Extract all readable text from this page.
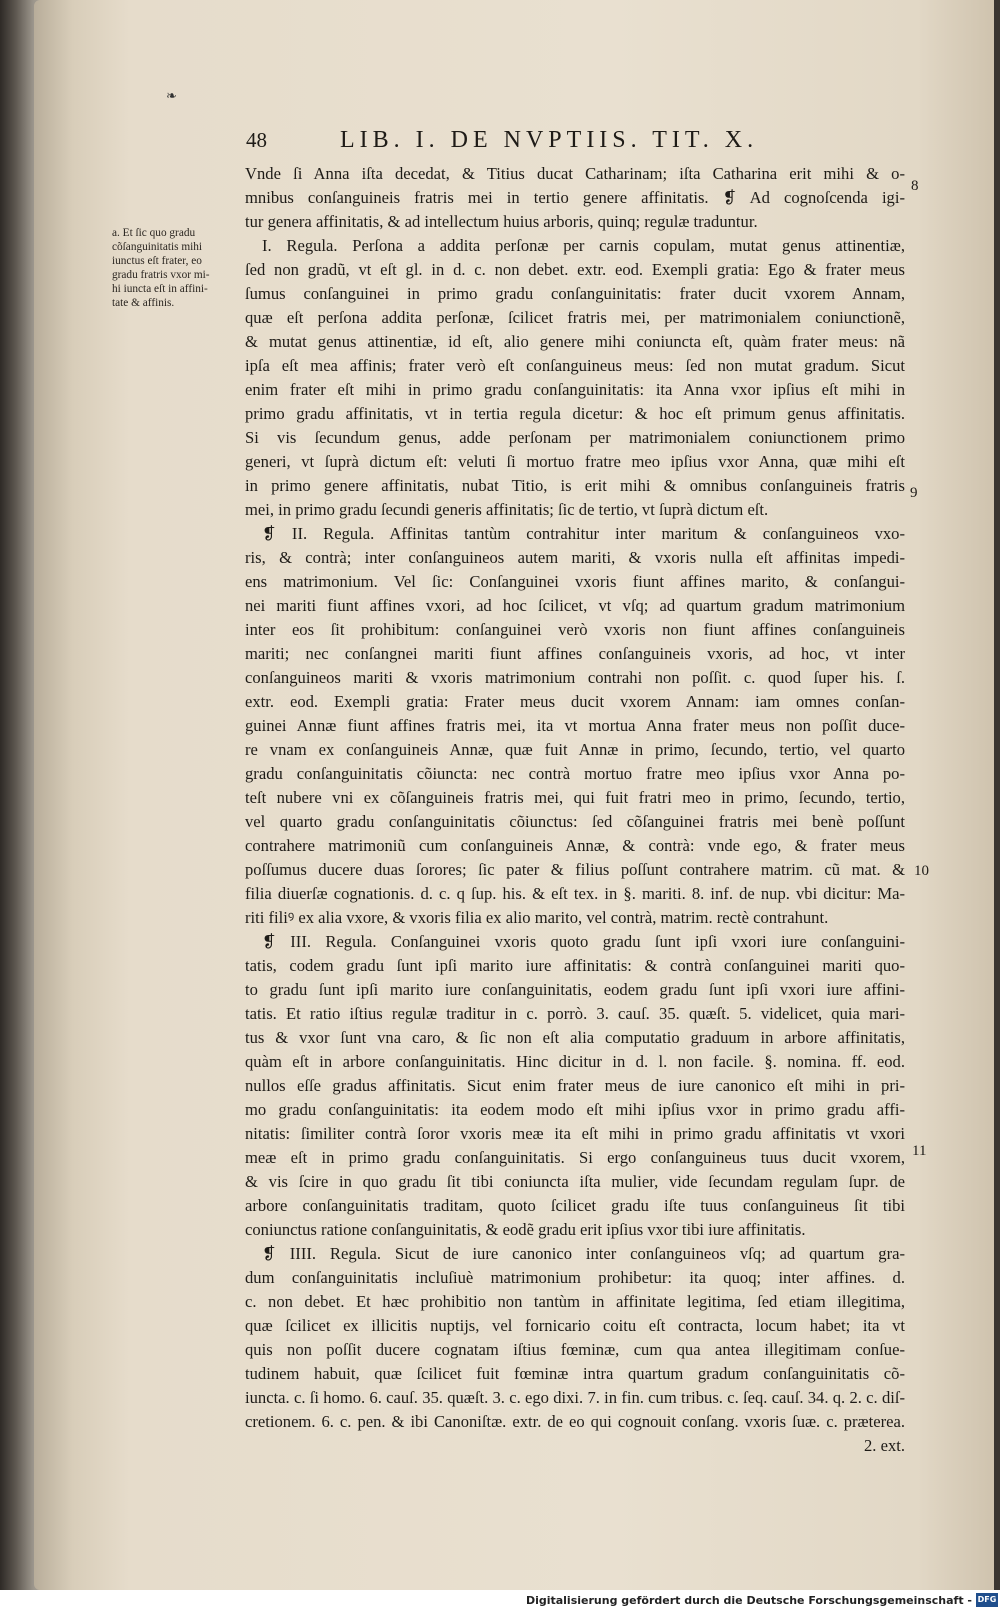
❧
48	LIB. I. DE NVPTIIS. TIT. X.
a. Et ſic quo gradu
cõſanguinitatis mihi
iunctus eſt frater, eo
gradu fratris vxor mi-
hi iuncta eſt in affini-
tate & affinis.
8
9
10
11
Vnde ſi Anna iſta decedat, & Titius ducat Catharinam; iſta Catharina erit mihi & o-
mnibus conſanguineis fratris mei in tertio genere affinitatis. ❡ Ad cognoſcenda igi-
tur genera affinitatis, & ad intellectum huius arboris, quinq; regulæ traduntur.
I. Regula. Perſona a addita perſonæ per carnis copulam, mutat genus attinentiæ,
ſed non gradũ, vt eſt gl. in d. c. non debet. extr. eod. Exempli gratia: Ego & frater meus
ſumus conſanguinei in primo gradu conſanguinitatis: frater ducit vxorem Annam,
quæ eſt perſona addita perſonæ, ſcilicet fratris mei, per matrimonialem coniunctionẽ,
& mutat genus attinentiæ, id eſt, alio genere mihi coniuncta eſt, quàm frater meus: nã
ipſa eſt mea affinis; frater verò eſt conſanguineus meus: ſed non mutat gradum. Sicut
enim frater eſt mihi in primo gradu conſanguinitatis: ita Anna vxor ipſius eſt mihi in
primo gradu affinitatis, vt in tertia regula dicetur: & hoc eſt primum genus affinitatis.
Si vis ſecundum genus, adde perſonam per matrimonialem coniunctionem primo
generi, vt ſuprà dictum eſt: veluti ſi mortuo fratre meo ipſius vxor Anna, quæ mihi eſt
in primo genere affinitatis, nubat Titio, is erit mihi & omnibus conſanguineis fratris
mei, in primo gradu ſecundi generis affinitatis; ſic de tertio, vt ſuprà dictum eſt.
❡ II. Regula. Affinitas tantùm contrahitur inter maritum & conſanguineos vxo-
ris, & contrà; inter conſanguineos autem mariti, & vxoris nulla eſt affinitas impedi-
ens matrimonium. Vel ſic: Conſanguinei vxoris fiunt affines marito, & conſangui-
nei mariti fiunt affines vxori, ad hoc ſcilicet, vt vſq; ad quartum gradum matrimonium
inter eos ſit prohibitum: conſanguinei verò vxoris non fiunt affines conſanguineis
mariti; nec conſangnei mariti fiunt affines conſanguineis vxoris, ad hoc, vt inter
conſanguineos mariti & vxoris matrimonium contrahi non poſſit. c. quod ſuper his. ſ.
extr. eod. Exempli gratia: Frater meus ducit vxorem Annam: iam omnes conſan-
guinei Annæ fiunt affines fratris mei, ita vt mortua Anna frater meus non poſſit duce-
re vnam ex conſanguineis Annæ, quæ fuit Annæ in primo, ſecundo, tertio, vel quarto
gradu conſanguinitatis cõiuncta: nec contrà mortuo fratre meo ipſius vxor Anna po-
teſt nubere vni ex cõſanguineis fratris mei, qui fuit fratri meo in primo, ſecundo, tertio,
vel quarto gradu conſanguinitatis cõiunctus: ſed cõſanguinei fratris mei benè poſſunt
contrahere matrimoniũ cum conſanguineis Annæ, & contrà: vnde ego, & frater meus
poſſumus ducere duas ſorores; ſic pater & filius poſſunt contrahere matrim. cũ mat. &
filia diuerſæ cognationis. d. c. q ſup. his. & eſt tex. in §. mariti. 8. inf. de nup. vbi dicitur: Ma-
riti filiꝰ ex alia vxore, & vxoris filia ex alio marito, vel contrà, matrim. rectè contrahunt.
❡ III. Regula. Conſanguinei vxoris quoto gradu ſunt ipſi vxori iure conſanguini-
tatis, codem gradu ſunt ipſi marito iure affinitatis: & contrà conſanguinei mariti quo-
to gradu ſunt ipſi marito iure conſanguinitatis, eodem gradu ſunt ipſi vxori iure affini-
tatis. Et ratio iſtius regulæ traditur in c. porrò. 3. cauſ. 35. quæſt. 5. videlicet, quia mari-
tus & vxor ſunt vna caro, & ſic non eſt alia computatio graduum in arbore affinitatis,
quàm eſt in arbore conſanguinitatis. Hinc dicitur in d. l. non facile. §. nomina. ff. eod.
nullos eſſe gradus affinitatis. Sicut enim frater meus de iure canonico eſt mihi in pri-
mo gradu conſanguinitatis: ita eodem modo eſt mihi ipſius vxor in primo gradu affi-
nitatis: ſimiliter contrà ſoror vxoris meæ ita eſt mihi in primo gradu affinitatis vt vxori
meæ eſt in primo gradu conſanguinitatis. Si ergo conſanguineus tuus ducit vxorem,
& vis ſcire in quo gradu ſit tibi coniuncta iſta mulier, vide ſecundam regulam ſupr. de
arbore conſanguinitatis traditam, quoto ſcilicet gradu iſte tuus conſanguineus ſit tibi
coniunctus ratione conſanguinitatis, & eodẽ gradu erit ipſius vxor tibi iure affinitatis.
❡ IIII. Regula. Sicut de iure canonico inter conſanguineos vſq; ad quartum gra-
dum conſanguinitatis incluſiuè matrimonium prohibetur: ita quoq; inter affines. d.
c. non debet. Et hæc prohibitio non tantùm in affinitate legitima, ſed etiam illegitima,
quæ ſcilicet ex illicitis nuptijs, vel fornicario coitu eſt contracta, locum habet; ita vt
quis non poſſit ducere cognatam iſtius fœminæ, cum qua antea illegitimam conſue-
tudinem habuit, quæ ſcilicet fuit fœminæ intra quartum gradum conſanguinitatis cõ-
iuncta. c. ſi homo. 6. cauſ. 35. quæſt. 3. c. ego dixi. 7. in fin. cum tribus. c. ſeq. cauſ. 34. q. 2. c. diſ-
cretionem. 6. c. pen. & ibi Canoniſtæ. extr. de eo qui cognouit conſang. vxoris ſuæ. c. præterea.
2. ext.
Digitalisierung gefördert durch die Deutsche Forschungsgemeinschaft - DFG
